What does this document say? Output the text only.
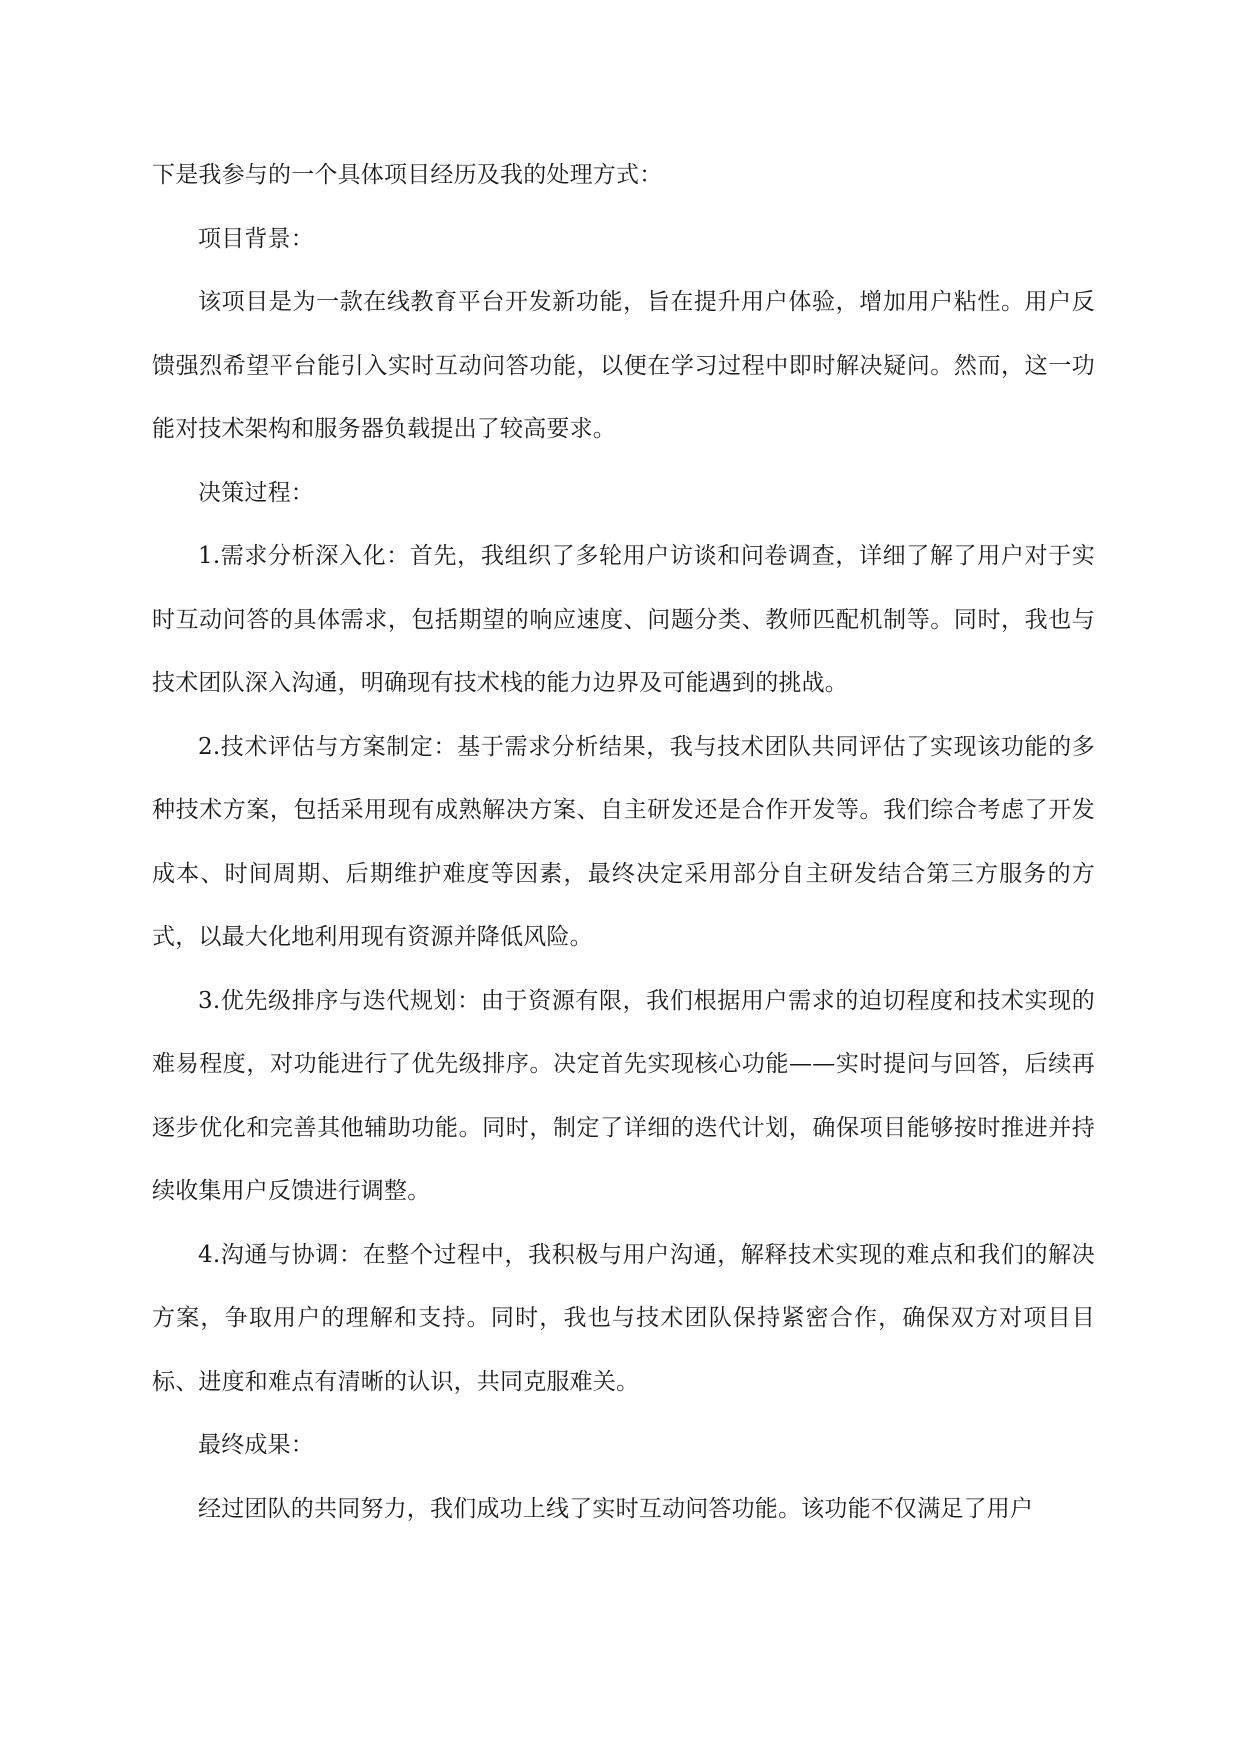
下是我参与的一个具体项目经历及我的处理方式：

项目背景：

该项目是为一款在线教育平台开发新功能，旨在提升用户体验，增加用户粘性。用户反馈强烈希望平台能引入实时互动问答功能，以便在学习过程中即时解决疑问。然而，这一功能对技术架构和服务器负载提出了较高要求。

决策过程：

1.需求分析深入化：首先，我组织了多轮用户访谈和问卷调查，详细了解了用户对于实时互动问答的具体需求，包括期望的响应速度、问题分类、教师匹配机制等。同时，我也与技术团队深入沟通，明确现有技术栈的能力边界及可能遇到的挑战。

2.技术评估与方案制定：基于需求分析结果，我与技术团队共同评估了实现该功能的多种技术方案，包括采用现有成熟解决方案、自主研发还是合作开发等。我们综合考虑了开发成本、时间周期、后期维护难度等因素，最终决定采用部分自主研发结合第三方服务的方式，以最大化地利用现有资源并降低风险。

3.优先级排序与迭代规划：由于资源有限，我们根据用户需求的迫切程度和技术实现的难易程度，对功能进行了优先级排序。决定首先实现核心功能——实时提问与回答，后续再逐步优化和完善其他辅助功能。同时，制定了详细的迭代计划，确保项目能够按时推进并持续收集用户反馈进行调整。

4.沟通与协调：在整个过程中，我积极与用户沟通，解释技术实现的难点和我们的解决方案，争取用户的理解和支持。同时，我也与技术团队保持紧密合作，确保双方对项目目标、进度和难点有清晰的认识，共同克服难关。

最终成果：

经过团队的共同努力，我们成功上线了实时互动问答功能。该功能不仅满足了用户
